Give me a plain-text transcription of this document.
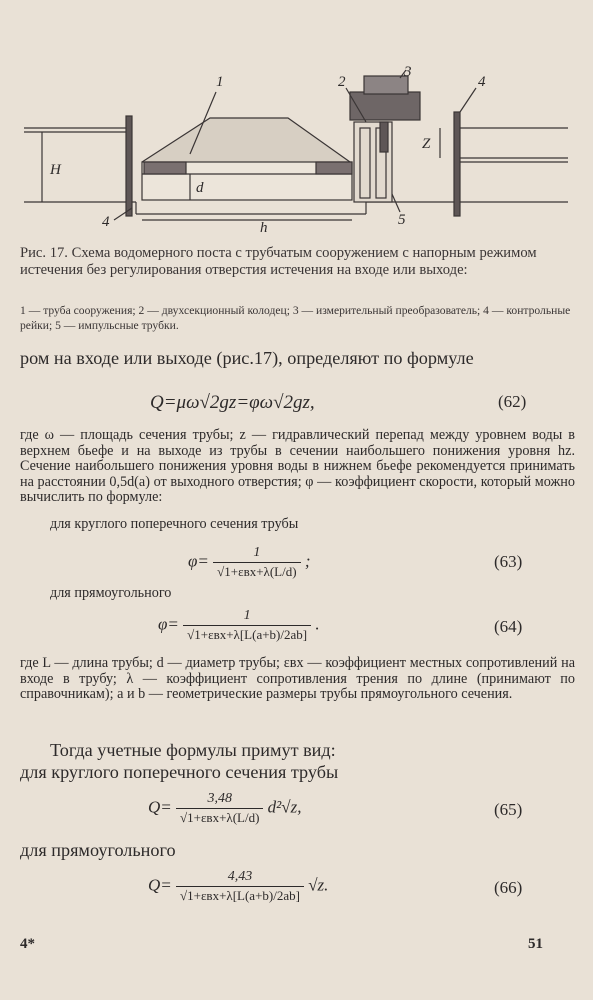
1	2
3
4
4	5
H
d
h
Z
Рис. 17. Схема водомерного поста с трубчатым сооружением с напорным режимом истечения без регулирования отверстия истечения на входе или выходе:
1 — труба сооружения; 2 — двухсекционный колодец; 3 — измерительный преобразователь; 4 — контрольные рейки; 5 — импульсные трубки.
ром на входе или выходе (рис.17), определяют по формуле
Q=μω√2gz=φω√2gz,	(62)
где ω — площадь сечения трубы; z — гидравлический перепад между уровнем воды в верхнем бьефе и на выходе из трубы в сечении наибольшего понижения уровня hz. Сечение наибольшего понижения уровня воды в нижнем бьефе рекомендуется принимать на расстоянии 0,5d(a) от выходного отверстия; φ — коэффициент скорости, который можно вычислить по формуле:
для круглого поперечного сечения трубы
$\varphi= \frac{1}{\text{√1+εвх+λ(L/d)}}$ ;	(63)
для прямоугольного
$\varphi= \frac{1}{\text{√1+εвх+λ[L(a+b)/2ab]}}$ .	(64)
где L — длина трубы; d — диаметр трубы; εвх — коэффициент местных сопротивлений на входе в трубу; λ — коэффициент сопротивления трения по длине (принимают по справочникам); a и b — геометрические размеры трубы прямоугольного сечения.
Тогда учетные формулы примут вид:
для круглого поперечного сечения трубы
$Q= \frac{3,48}{\text{√1+εвх+λ(L/d)}} d^2√z$,	(65)
для прямоугольного
$Q= \frac{4,43}{\text{√1+εвх+λ[L(a+b)/2ab]}} √z$.	(66)
4*	51
